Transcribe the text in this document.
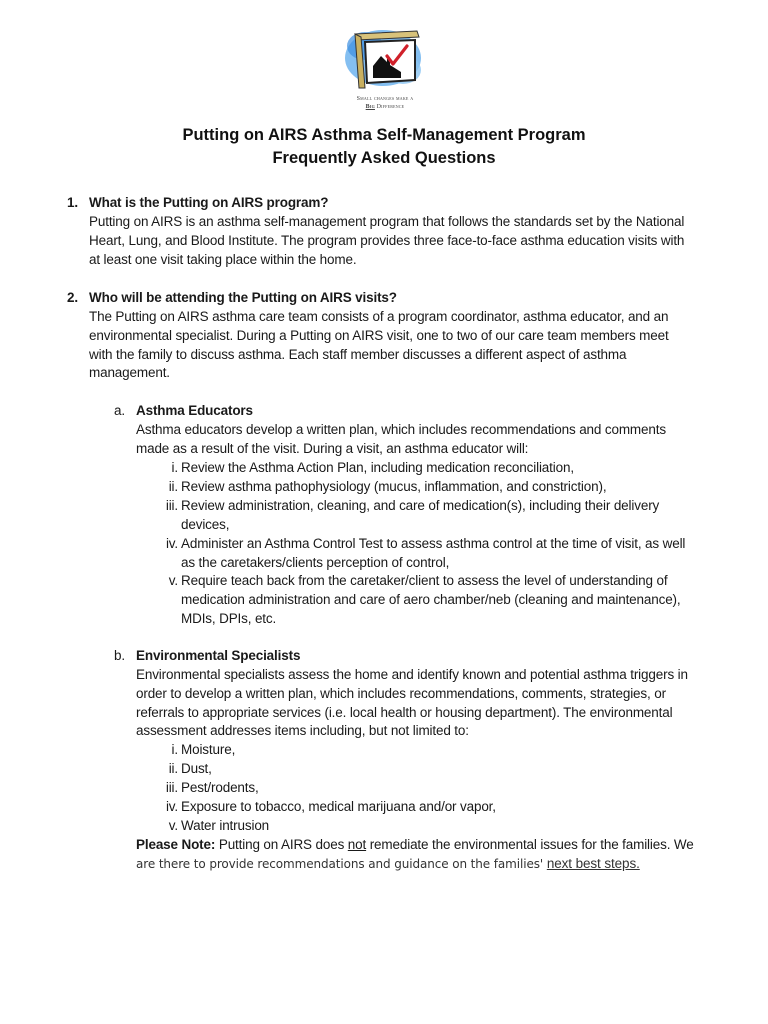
Small changes make a
Big Difference
Putting on AIRS Asthma Self-Management Program
Frequently Asked Questions
1. What is the Putting on AIRS program?
Putting on AIRS is an asthma self-management program that follows the standards set by the National
Heart, Lung, and Blood Institute. The program provides three face-to-face asthma education visits with
at least one visit taking place within the home.
2. Who will be attending the Putting on AIRS visits?
The Putting on AIRS asthma care team consists of a program coordinator, asthma educator, and an
environmental specialist. During a Putting on AIRS visit, one to two of our care team members meet
with the family to discuss asthma. Each staff member discusses a different aspect of asthma
management.
a. Asthma Educators
Asthma educators develop a written plan, which includes recommendations and comments
made as a result of the visit. During a visit, an asthma educator will:
i. Review the Asthma Action Plan, including medication reconciliation,
ii. Review asthma pathophysiology (mucus, inflammation, and constriction),
iii. Review administration, cleaning, and care of medication(s), including their delivery
devices,
iv. Administer an Asthma Control Test to assess asthma control at the time of visit, as well
as the caretakers/clients perception of control,
v. Require teach back from the caretaker/client to assess the level of understanding of
medication administration and care of aero chamber/neb (cleaning and maintenance),
MDIs, DPIs, etc.
b. Environmental Specialists
Environmental specialists assess the home and identify known and potential asthma triggers in
order to develop a written plan, which includes recommendations, comments, strategies, or
referrals to appropriate services (i.e. local health or housing department). The environmental
assessment addresses items including, but not limited to:
i. Moisture,
ii. Dust,
iii. Pest/rodents,
iv. Exposure to tobacco, medical marijuana and/or vapor,
v. Water intrusion
Please Note: Putting on AIRS does not remediate the environmental issues for the families. We
are there to provide recommendations and guidance on the families' next best steps.
